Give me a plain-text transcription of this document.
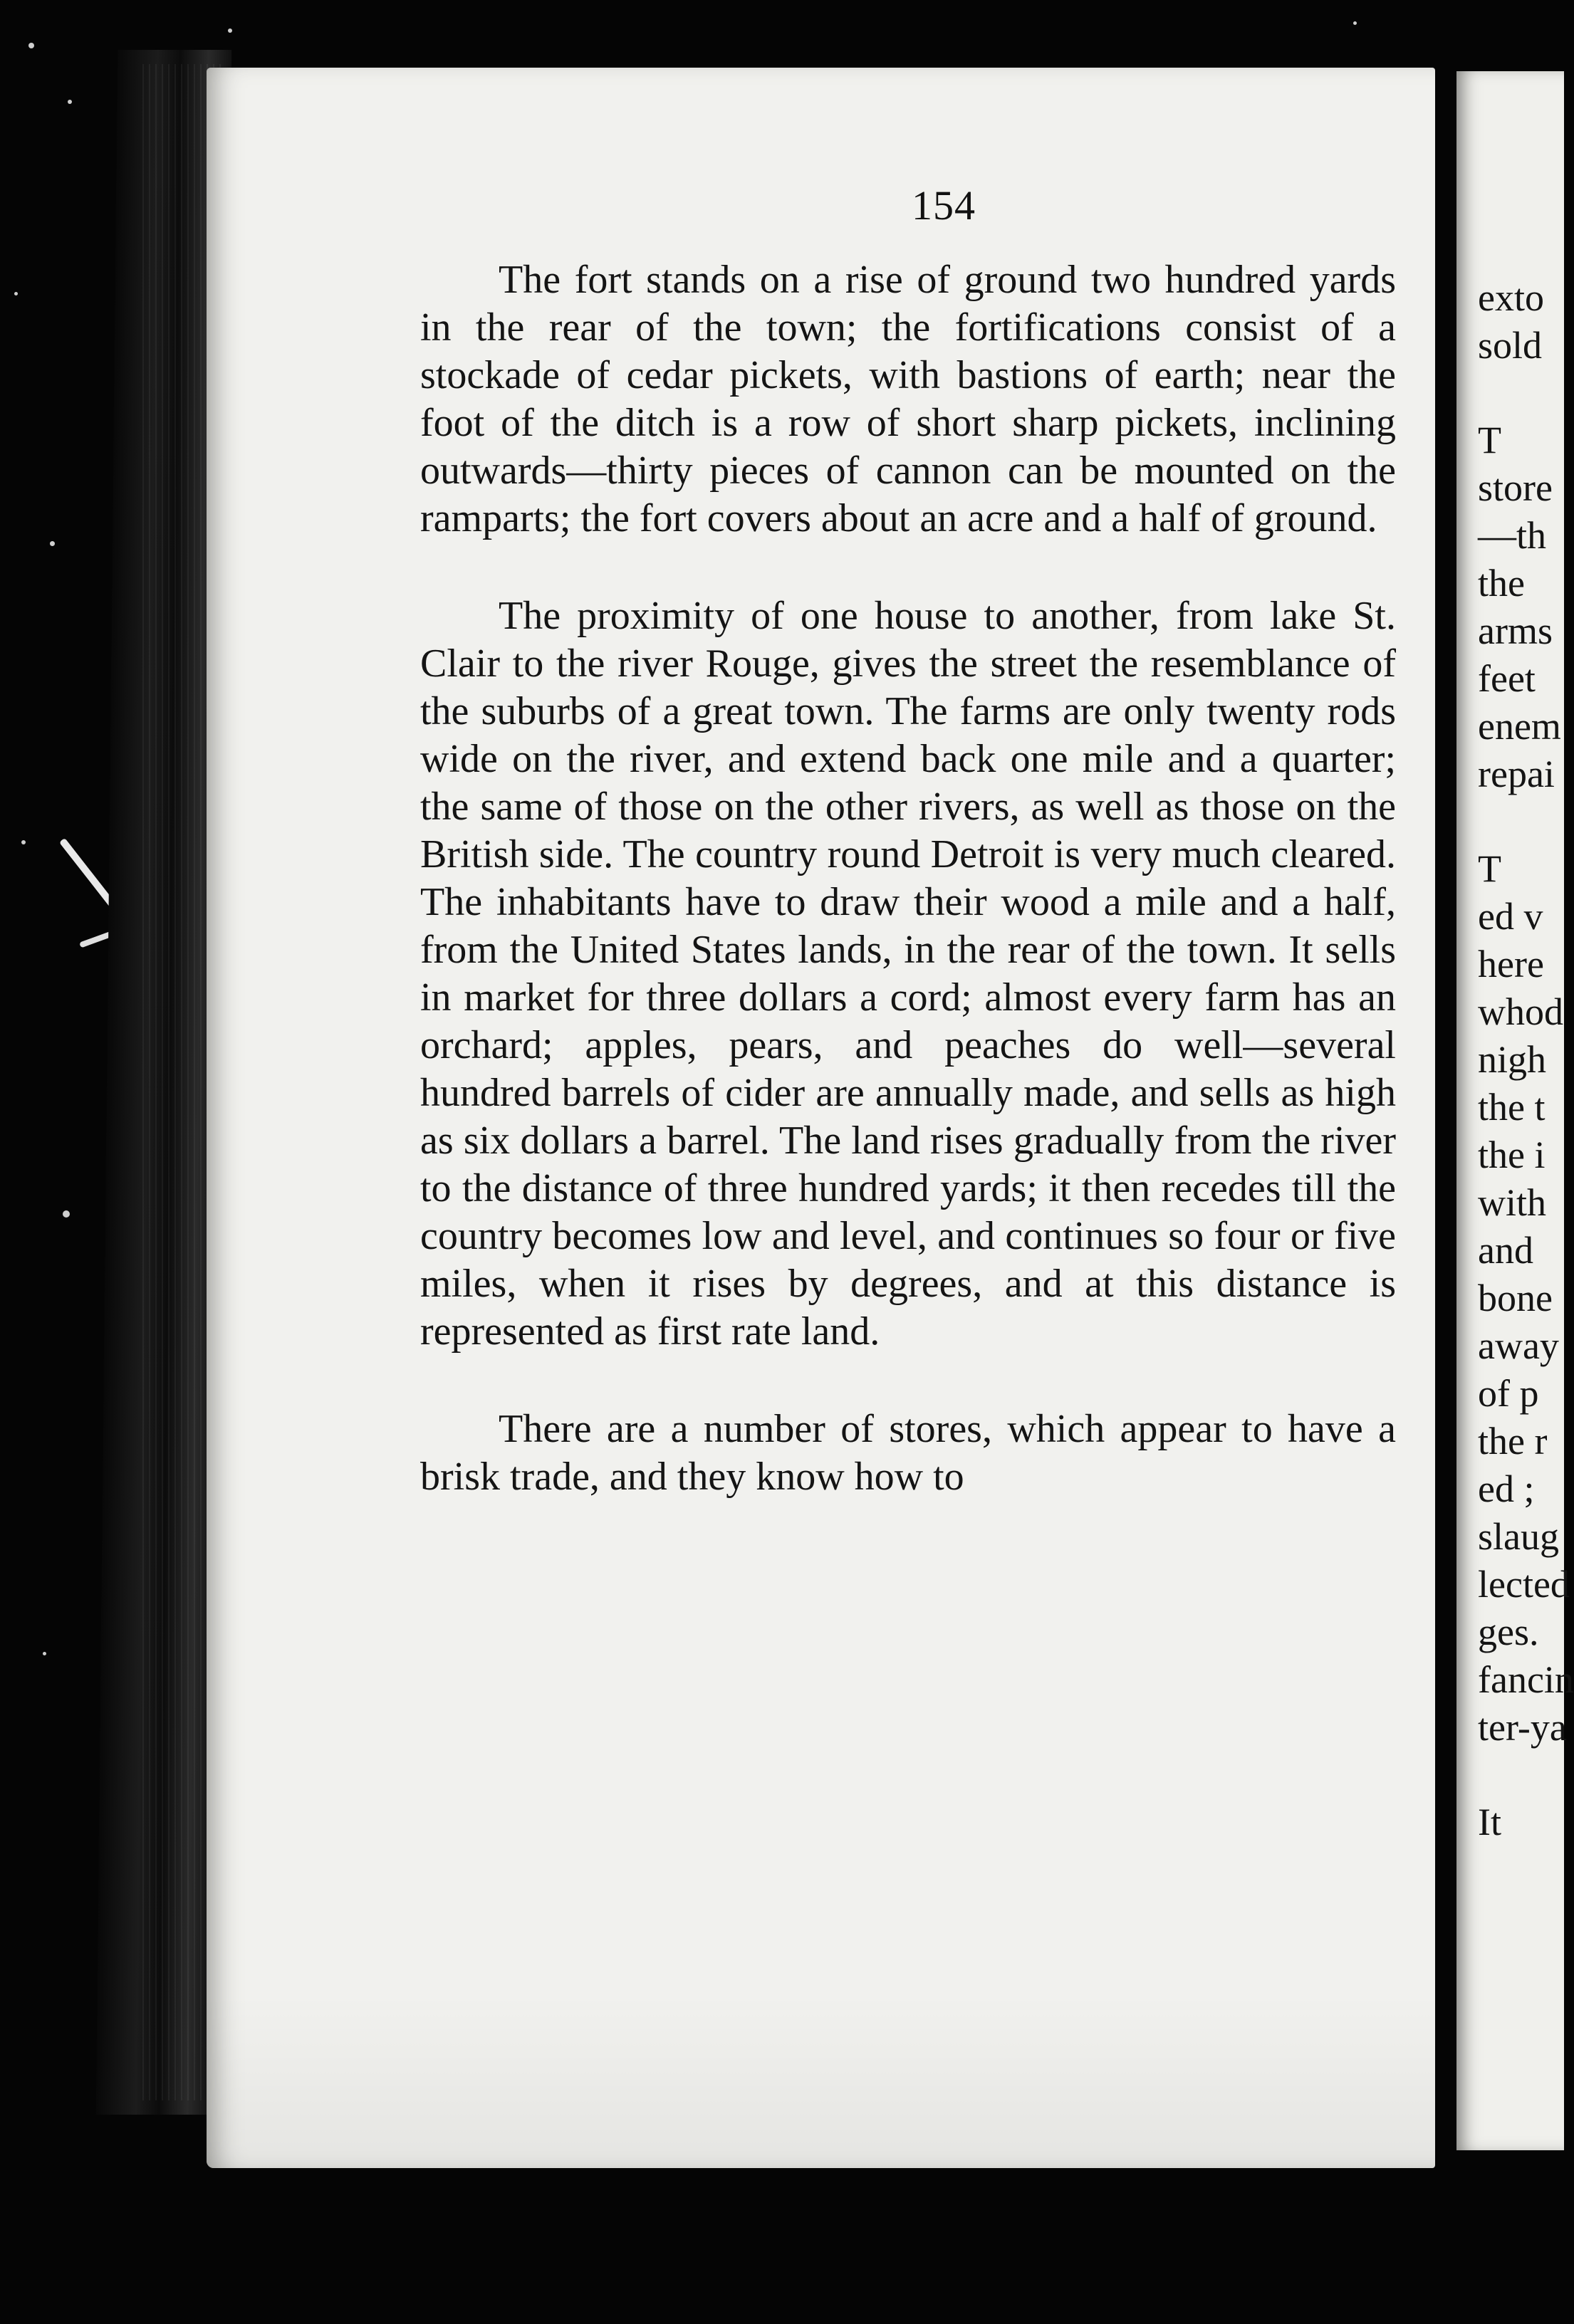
154

The fort stands on a rise of ground two hundred yards in the rear of the town; the fortifications consist of a stockade of cedar pickets, with bastions of earth; near the foot of the ditch is a row of short sharp pickets, inclining outwards—thirty pieces of cannon can be mounted on the ramparts; the fort covers about an acre and a half of ground.

The proximity of one house to another, from lake St. Clair to the river Rouge, gives the street the resemblance of the suburbs of a great town. The farms are only twenty rods wide on the river, and extend back one mile and a quarter; the same of those on the other rivers, as well as those on the British side. The country round Detroit is very much cleared. The inhabitants have to draw their wood a mile and a half, from the United States lands, in the rear of the town. It sells in market for three dollars a cord; almost every farm has an orchard; apples, pears, and peaches do well—several hundred barrels of cider are annually made, and sells as high as six dollars a barrel. The land rises gradually from the river to the distance of three hundred yards; it then recedes till the country becomes low and level, and continues so four or five miles, when it rises by degrees, and at this distance is represented as first rate land.

There are a number of stores, which appear to have a brisk trade, and they know how to

exto
sold
T
store
—th
the
arms
feet
enem
repai
T
ed v
here
whod
nigh
the t
the i
with
and
bone
away
of p
the r
ed ;
slaug
lected
ges.
fancin
ter-ya
It
